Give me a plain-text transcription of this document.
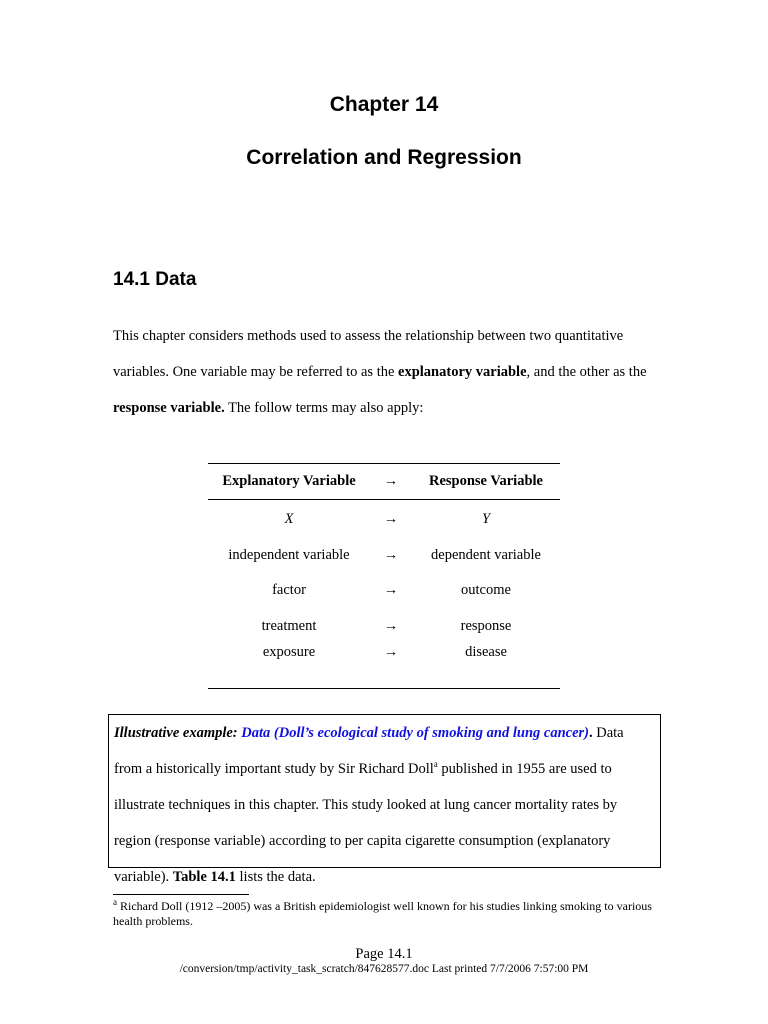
Chapter 14
Correlation and Regression
14.1 Data

This chapter considers methods used to assess the relationship between two quantitative variables. One variable may be referred to as the explanatory variable, and the other as the response variable. The follow terms may also apply:

Explanatory Variable	→	Response Variable
X	→	Y
independent variable	→	dependent variable
factor	→	outcome
treatment	→	response
exposure	→	disease

Illustrative example: Data (Doll’s ecological study of smoking and lung cancer). Data from a historically important study by Sir Richard Doll$^a$ published in 1955 are used to illustrate techniques in this chapter. This study looked at lung cancer mortality rates by region (response variable) according to per capita cigarette consumption (explanatory variable). Table 14.1 lists the data.

$^a$ Richard Doll (1912 –2005) was a British epidemiologist well known for his studies linking smoking to various health problems.

Page 14.1
/conversion/tmp/activity_task_scratch/847628577.doc Last printed 7/7/2006 7:57:00 PM
